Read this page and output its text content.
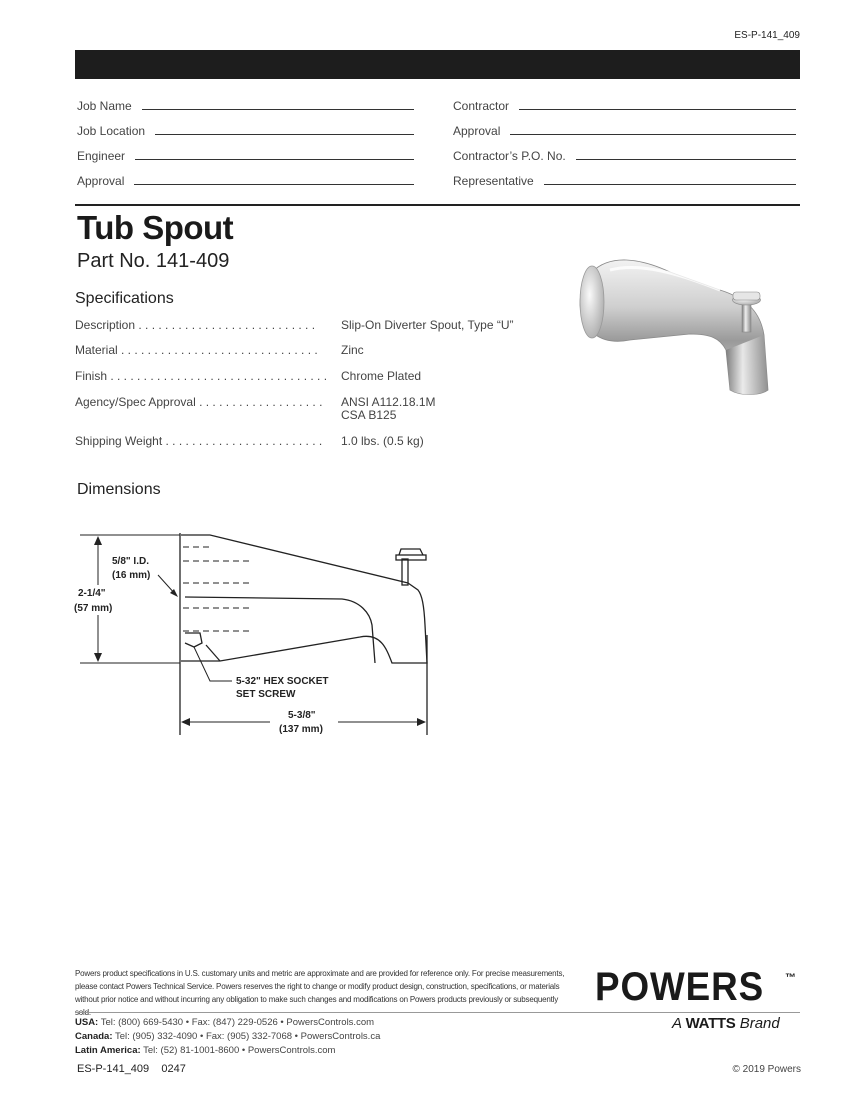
ES-P-141_409
Job Name
Job Location
Engineer
Approval
Contractor
Approval
Contractor’s P.O. No.
Representative
Tub Spout
Part No. 141-409
Specifications
Description . . . . . . . . . . . . . . . . . . . . . . . . . . . Slip-On Diverter Spout, Type “U”
Material . . . . . . . . . . . . . . . . . . . . . . . . . . . . . . Zinc
Finish . . . . . . . . . . . . . . . . . . . . . . . . . . . . . . . . . Chrome Plated
Agency/Spec Approval . . . . . . . . . . . . . . . . . . . ANSI A112.18.1M
CSA B125
Shipping Weight . . . . . . . . . . . . . . . . . . . . . . . . 1.0 lbs. (0.5 kg)
Dimensions
5/8" I.D.
(16 mm)
2-1/4"
(57 mm)
5-32" HEX SOCKET
SET SCREW
5-3/8"
(137 mm)
Powers product specifications in U.S. customary units and metric are approximate and are provided for reference only. For precise measurements, please contact Powers Technical Service. Powers reserves the right to change or modify product design, construction, specifications, or materials without prior notice and without incurring any obligation to make such changes and modifications on Powers products previously or subsequently POWERS ™
A WATTS Brand
USA: Tel: (800) 669-5430 • Fax: (847) 229-0526 • PowersControls.com
Canada: Tel: (905) 332-4090 • Fax: (905) 332-7068 • PowersControls.ca
Latin America: Tel: (52) 81-1001-8600 • PowersControls.com
ES-P-141_409    0247	© 2019 Powers
